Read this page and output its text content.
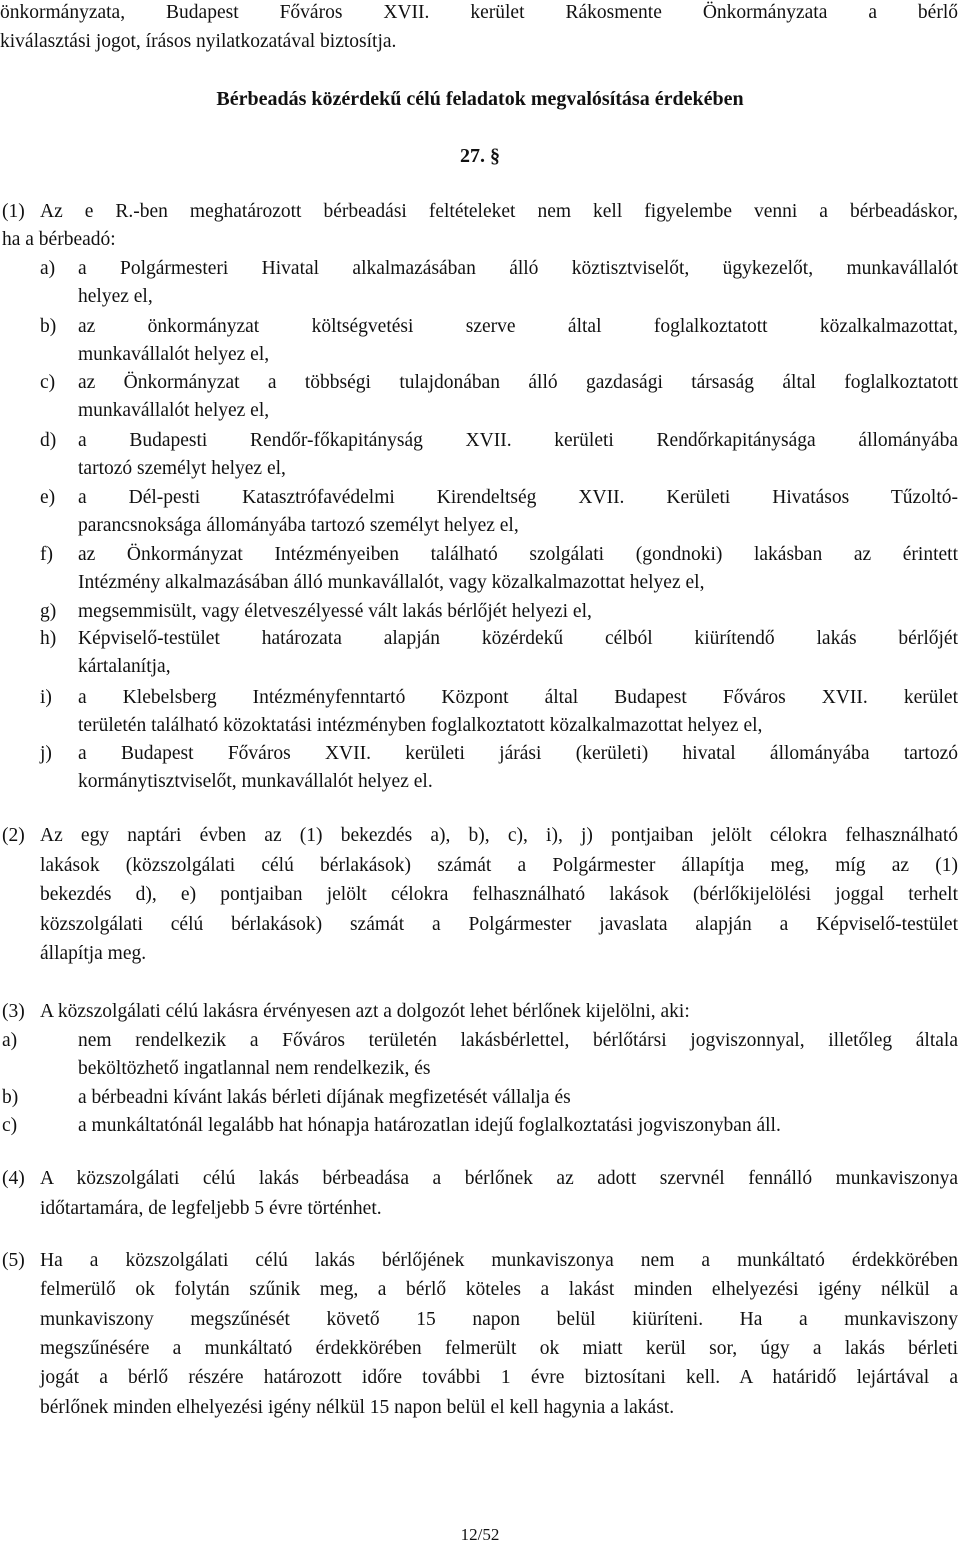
önkormányzata, Budapest Főváros XVII. kerület Rákosmente Önkormányzata a bérlő
kiválasztási jogot, írásos nyilatkozatával biztosítja.
Bérbeadás közérdekű célú feladatok megvalósítása érdekében
27. §
(1) Az e R.-ben meghatározott bérbeadási feltételeket nem kell figyelembe venni a bérbeadáskor,
ha a bérbeadó:
a) a Polgármesteri Hivatal alkalmazásában álló köztisztviselőt, ügykezelőt, munkavállalót
helyez el,
b) az önkormányzat költségvetési szerve által foglalkoztatott közalkalmazottat,
munkavállalót helyez el,
c) az Önkormányzat a többségi tulajdonában álló gazdasági társaság által foglalkoztatott
munkavállalót helyez el,
d) a Budapesti Rendőr-főkapitányság XVII. kerületi Rendőrkapitánysága állományába
tartozó személyt helyez el,
e) a Dél-pesti Katasztrófavédelmi Kirendeltség XVII. Kerületi Hivatásos Tűzoltó-
parancsnoksága állományába tartozó személyt helyez el,
f) az Önkormányzat Intézményeiben található szolgálati (gondnoki) lakásban az érintett
Intézmény alkalmazásában álló munkavállalót, vagy közalkalmazottat helyez el,
g) megsemmisült, vagy életveszélyessé vált lakás bérlőjét helyezi el,
h) Képviselő-testület határozata alapján közérdekű célból kiürítendő lakás bérlőjét
kártalanítja,
i) a Klebelsberg Intézményfenntartó Központ által Budapest Főváros XVII. kerület
területén található közoktatási intézményben foglalkoztatott közalkalmazottat helyez el,
j) a Budapest Főváros XVII. kerületi járási (kerületi) hivatal állományába tartozó
kormánytisztviselőt, munkavállalót helyez el.
(2) Az egy naptári évben az (1) bekezdés a), b), c), i), j) pontjaiban jelölt célokra felhasználható
lakások (közszolgálati célú bérlakások) számát a Polgármester állapítja meg, míg az (1)
bekezdés d), e) pontjaiban jelölt célokra felhasználható lakások (bérlőkijelölési joggal terhelt
közszolgálati célú bérlakások) számát a Polgármester javaslata alapján a Képviselő-testület
állapítja meg.
(3) A közszolgálati célú lakásra érvényesen azt a dolgozót lehet bérlőnek kijelölni, aki:
a)	nem rendelkezik a Főváros területén lakásbérlettel, bérlőtársi jogviszonnyal, illetőleg általa
beköltözhető ingatlannal nem rendelkezik, és
b)	a bérbeadni kívánt lakás bérleti díjának megfizetését vállalja és
c)	a munkáltatónál legalább hat hónapja határozatlan idejű foglalkoztatási jogviszonyban áll.
(4) A közszolgálati célú lakás bérbeadása a bérlőnek az adott szervnél fennálló munkaviszonya
időtartamára, de legfeljebb 5 évre történhet.
(5) Ha a közszolgálati célú lakás bérlőjének munkaviszonya nem a munkáltató érdekkörében
felmerülő ok folytán szűnik meg, a bérlő köteles a lakást minden elhelyezési igény nélkül a
munkaviszony megszűnését követő 15 napon belül kiüríteni. Ha a munkaviszony
megszűnésére a munkáltató érdekkörében felmerült ok miatt kerül sor, úgy a lakás bérleti
jogát a bérlő részére határozott időre további 1 évre biztosítani kell. A határidő lejártával a
bérlőnek minden elhelyezési igény nélkül 15 napon belül el kell hagynia a lakást.
12/52
